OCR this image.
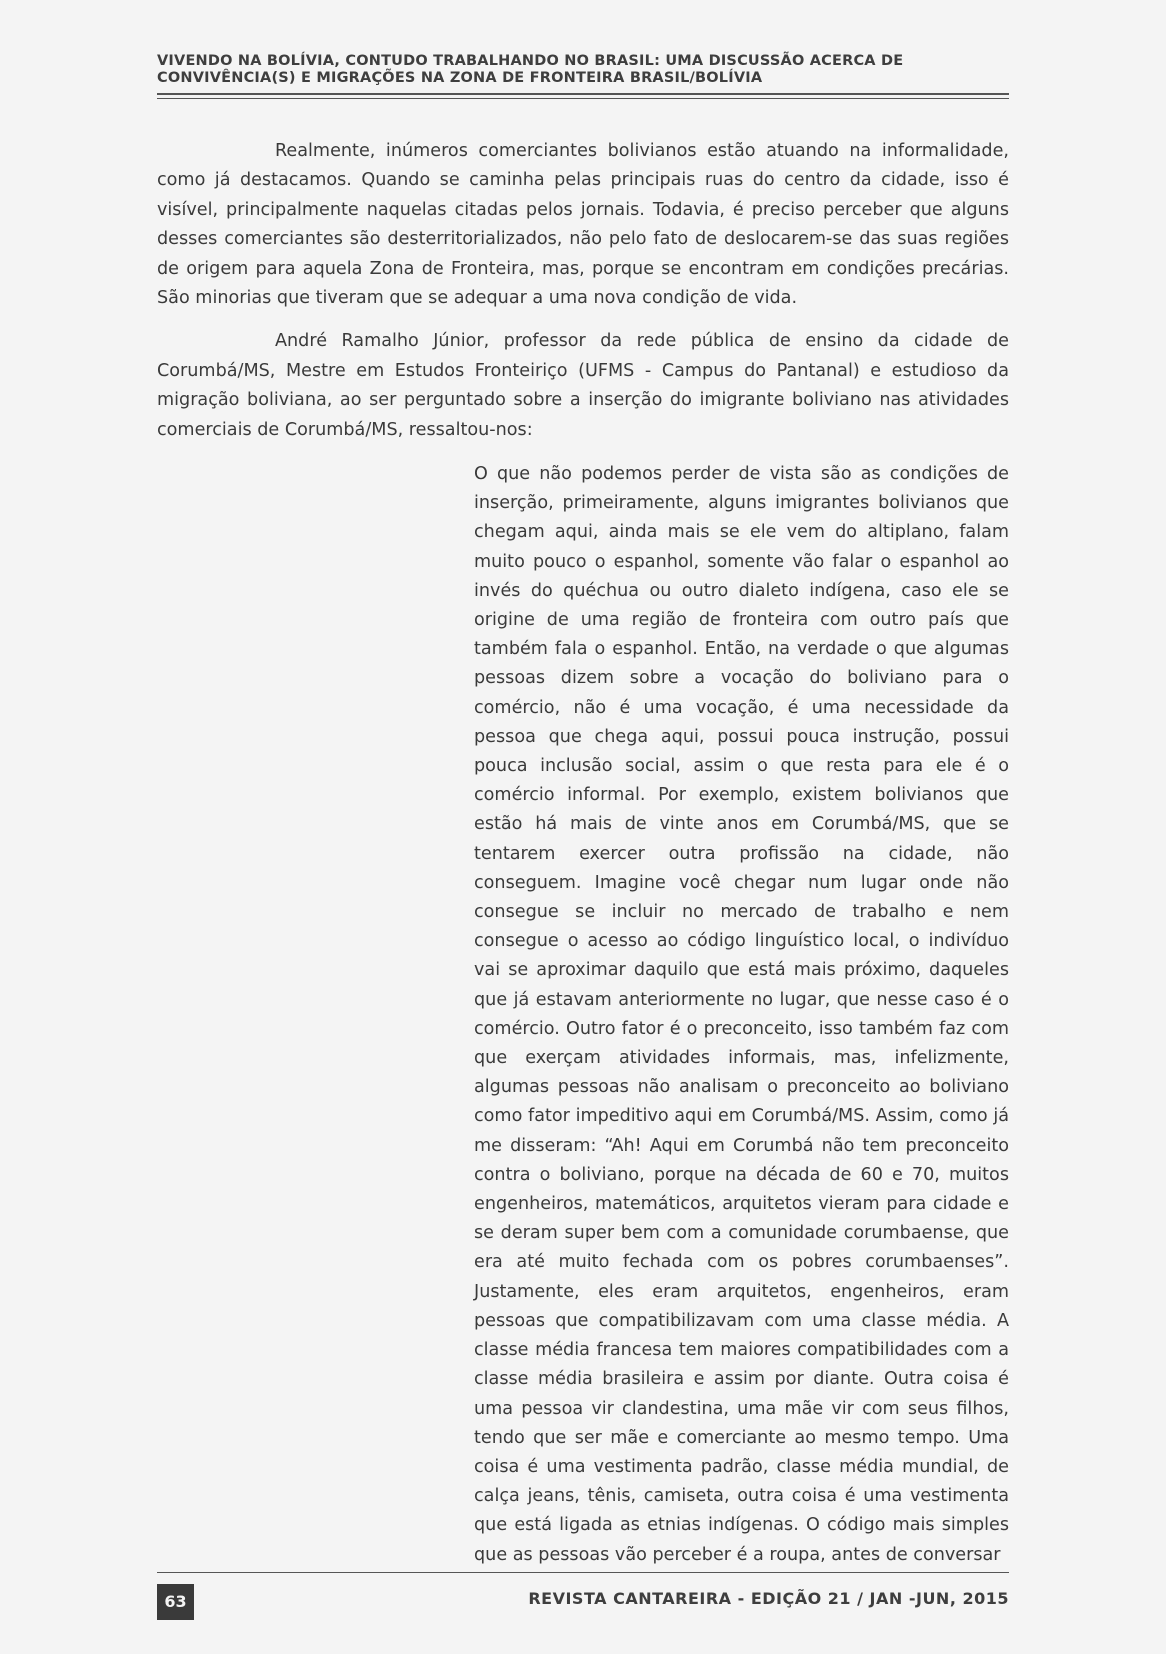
VIVENDO NA BOLÍVIA, CONTUDO TRABALHANDO NO BRASIL: UMA DISCUSSÃO ACERCA DE
CONVIVÊNCIA(S) E MIGRAÇÕES NA ZONA DE FRONTEIRA BRASIL/BOLÍVIA

Realmente, inúmeros comerciantes bolivianos estão atuando na informalidade, como já destacamos. Quando se caminha pelas principais ruas do centro da cidade, isso é visível, principalmente naquelas citadas pelos jornais. Todavia, é preciso perceber que alguns desses comerciantes são desterritorializados, não pelo fato de deslocarem-se das suas regiões de origem para aquela Zona de Fronteira, mas, porque se encontram em condições precárias. São minorias que tiveram que se adequar a uma nova condição de vida.

André Ramalho Júnior, professor da rede pública de ensino da cidade de Corumbá/MS, Mestre em Estudos Fronteiriço (UFMS - Campus do Pantanal) e estudioso da migração boliviana, ao ser perguntado sobre a inserção do imigrante boliviano nas atividades comerciais de Corumbá/MS, ressaltou-nos:

O que não podemos perder de vista são as condições de inserção, primeiramente, alguns imigrantes bolivianos que chegam aqui, ainda mais se ele vem do altiplano, falam muito pouco o espanhol, somente vão falar o espanhol ao invés do quéchua ou outro dialeto indígena, caso ele se origine de uma região de fronteira com outro país que também fala o espanhol. Então, na verdade o que algumas pessoas dizem sobre a vocação do boliviano para o comércio, não é uma vocação, é uma necessidade da pessoa que chega aqui, possui pouca instrução, possui pouca inclusão social, assim o que resta para ele é o comércio informal. Por exemplo, existem bolivianos que estão há mais de vinte anos em Corumbá/MS, que se tentarem exercer outra profissão na cidade, não conseguem. Imagine você chegar num lugar onde não consegue se incluir no mercado de trabalho e nem consegue o acesso ao código linguístico local, o indivíduo vai se aproximar daquilo que está mais próximo, daqueles que já estavam anteriormente no lugar, que nesse caso é o comércio. Outro fator é o preconceito, isso também faz com que exerçam atividades informais, mas, infelizmente, algumas pessoas não analisam o preconceito ao boliviano como fator impeditivo aqui em Corumbá/MS. Assim, como já me disseram: “Ah! Aqui em Corumbá não tem preconceito contra o boliviano, porque na década de 60 e 70, muitos engenheiros, matemáticos, arquitetos vieram para cidade e se deram super bem com a comunidade corumbaense, que era até muito fechada com os pobres corumbaenses”. Justamente, eles eram arquitetos, engenheiros, eram pessoas que compatibilizavam com uma classe média. A classe média francesa tem maiores compatibilidades com a classe média brasileira e assim por diante. Outra coisa é uma pessoa vir clandestina, uma mãe vir com seus filhos, tendo que ser mãe e comerciante ao mesmo tempo. Uma coisa é uma vestimenta padrão, classe média mundial, de calça jeans, tênis, camiseta, outra coisa é uma vestimenta que está ligada as etnias indígenas. O código mais simples que as pessoas vão perceber é a roupa, antes de conversar

63	REVISTA CANTAREIRA - EDIÇÃO 21 / JAN -JUN, 2015
